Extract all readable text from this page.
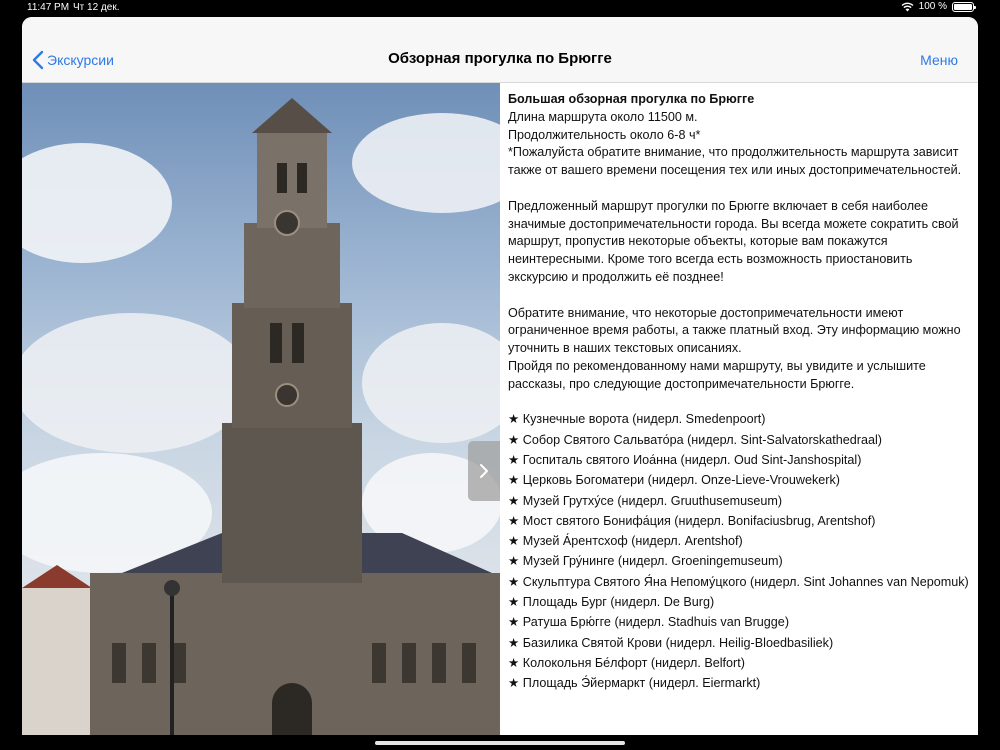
11:47 PM Чт 12 дек.	100 %
Экскурсии	Обзорная прогулка по Брюгге	Меню

Большая обзорная прогулка по Брюгге

Длина маршрута около 11500 м.

Продолжительность около 6-8 ч*

*Пожалуйста обратите внимание, что продолжительность маршрута зависит также от вашего времени посещения тех или иных достопримечательностей.

Предложенный маршрут прогулки по Брюгге включает в себя наиболее значимые достопримечательности города. Вы всегда можете сократить свой маршрут, пропустив некоторые объекты, которые вам покажутся неинтересными. Кроме того всегда есть возможность приостановить экскурсию и продолжить её позднее!

Обратите внимание, что некоторые достопримечательности имеют ограниченное время работы, а также платный вход. Эту информацию можно уточнить в наших текстовых описаниях.

Пройдя по рекомендованному нами маршруту, вы увидите и услышите рассказы, про следующие достопримечательности Брюгге.

★ Кузнечные ворота (нидерл. Smedenpoort)
★ Собор Святого Сальвато́ра (нидерл. Sint-Salvatorskathedraal)
★ Госпиталь святого Иоа́нна (нидерл. Oud Sint-Janshospital)
★ Церковь Богоматери (нидерл. Onze-Lieve-Vrouwekerk)
★ Музей Грутху́се (нидерл. Gruuthusemuseum)
★ Мост святого Бонифа́ция (нидерл. Bonifaciusbrug, Arentshof)
★ Музей А́рентсхоф (нидерл. Arentshof)
★ Музей Гру́нинге (нидерл. Groeningemuseum)
★ Скульптура Святого Я́на Непому́цкого (нидерл. Sint Johannes van Nepomuk)
★ Площадь Бург (нидерл. De Burg)
★ Ратуша Брю́гге (нидерл. Stadhuis van Brugge)
★ Базилика Святой Крови (нидерл. Heilig-Bloedbasiliek)
★ Колокольня Бе́лфорт (нидерл. Belfort)
★ Площадь Э́йермаркт (нидерл. Eiermarkt)
